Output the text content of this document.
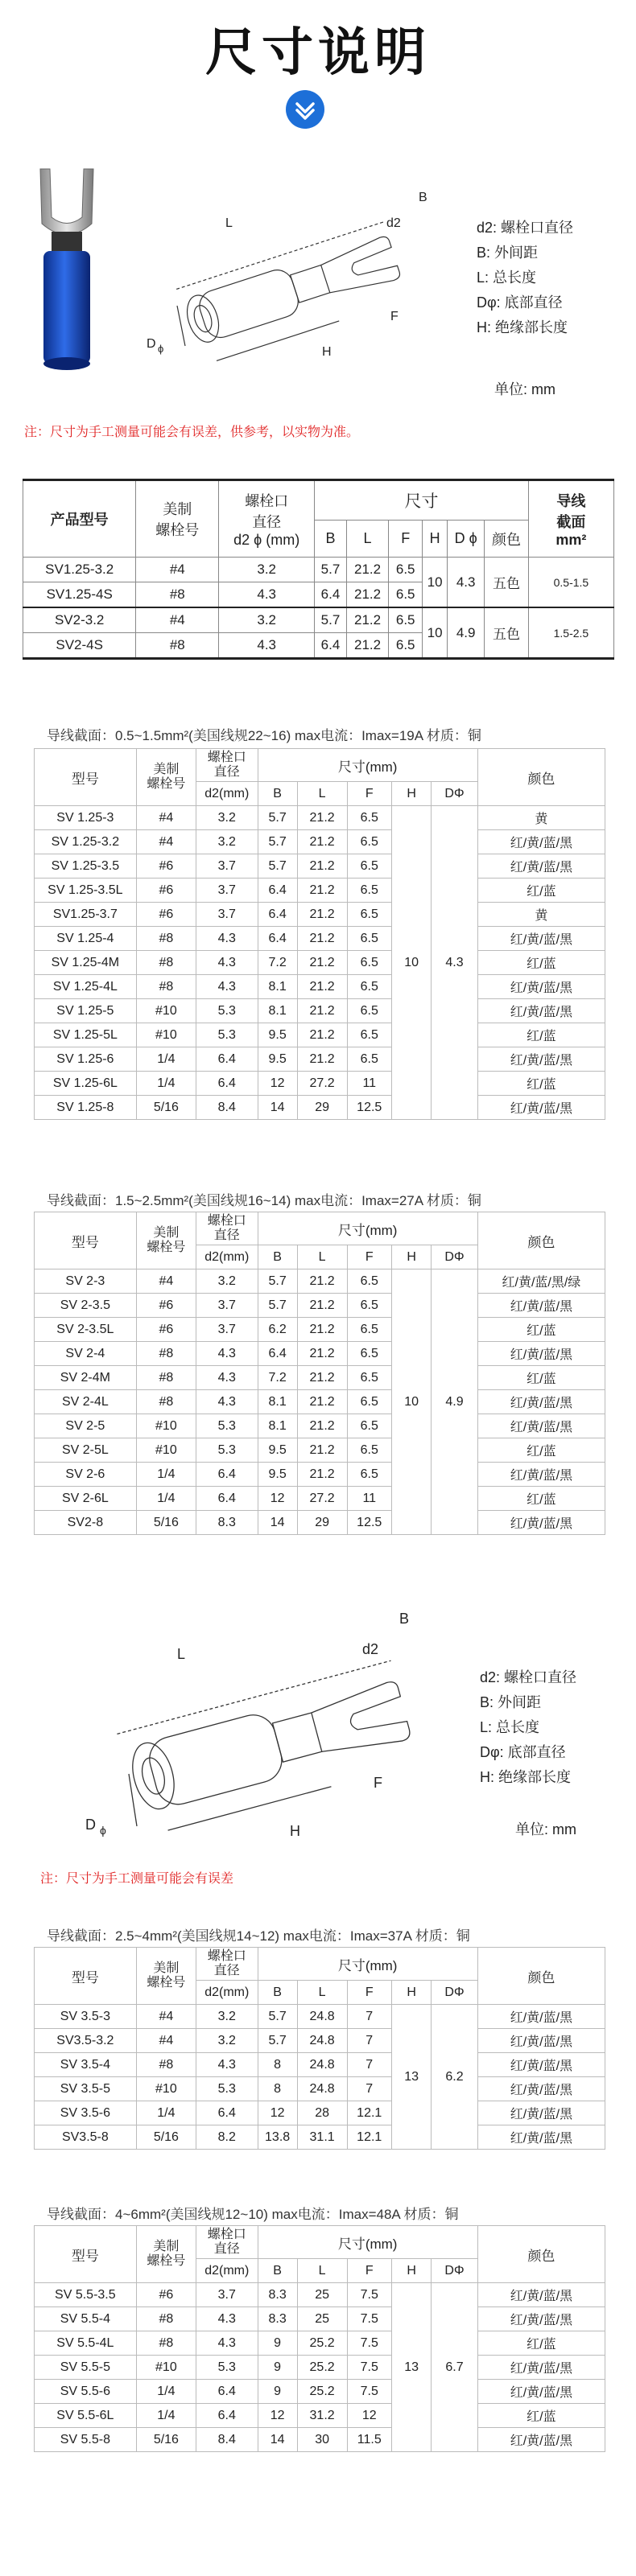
尺寸说明
D ϕ
L
B
d2
F
H
d2: 螺栓口直径
B: 外间距
L: 总长度
Dφ: 底部直径
H: 绝缘部长度
单位: mm
注：尺寸为手工测量可能会有误差，供参考，以实物为准。
产品型号	美制
螺栓号	螺栓口
直径
d2 ϕ (mm)	尺寸						导线
截面
mm²
			B	L	F	H	D ϕ	颜色	
SV1.25-3.2	#4	3.2	5.7	21.2	6.5	10	4.3	五色	0.5-1.5
SV1.25-4S	#8	4.3	6.4	21.2	6.5				
SV2-3.2	#4	3.2	5.7	21.2	6.5	10	4.9	五色	1.5-2.5
SV2-4S	#8	4.3	6.4	21.2	6.5				
导线截面：0.5~1.5mm²(美国线规22~16) max电流：Imax=19A 材质：铜
型号	美制
螺栓号	螺栓口
直径	尺寸(mm)					颜色
		d2(mm)	B	L	F	H	DΦ	
SV 1.25-3	#4	3.2	5.7	21.2	6.5	10	4.3	黄
SV 1.25-3.2	#4	3.2	5.7	21.2	6.5			红/黄/蓝/黑
SV 1.25-3.5	#6	3.7	5.7	21.2	6.5			红/黄/蓝/黑
SV 1.25-3.5L	#6	3.7	6.4	21.2	6.5			红/蓝
SV1.25-3.7	#6	3.7	6.4	21.2	6.5			黄
SV 1.25-4	#8	4.3	6.4	21.2	6.5			红/黄/蓝/黑
SV 1.25-4M	#8	4.3	7.2	21.2	6.5			红/蓝
SV 1.25-4L	#8	4.3	8.1	21.2	6.5			红/黄/蓝/黑
SV 1.25-5	#10	5.3	8.1	21.2	6.5			红/黄/蓝/黑
SV 1.25-5L	#10	5.3	9.5	21.2	6.5			红/蓝
SV 1.25-6	1/4	6.4	9.5	21.2	6.5			红/黄/蓝/黑
SV 1.25-6L	1/4	6.4	12	27.2	11			红/蓝
SV 1.25-8	5/16	8.4	14	29	12.5			红/黄/蓝/黑
导线截面：1.5~2.5mm²(美国线规16~14) max电流：Imax=27A 材质：铜
型号	美制
螺栓号	螺栓口
直径	尺寸(mm)					颜色
		d2(mm)	B	L	F	H	DΦ	
SV 2-3	#4	3.2	5.7	21.2	6.5	10	4.9	红/黄/蓝/黑/绿
SV 2-3.5	#6	3.7	5.7	21.2	6.5			红/黄/蓝/黑
SV 2-3.5L	#6	3.7	6.2	21.2	6.5			红/蓝
SV 2-4	#8	4.3	6.4	21.2	6.5			红/黄/蓝/黑
SV 2-4M	#8	4.3	7.2	21.2	6.5			红/蓝
SV 2-4L	#8	4.3	8.1	21.2	6.5			红/黄/蓝/黑
SV 2-5	#10	5.3	8.1	21.2	6.5			红/黄/蓝/黑
SV 2-5L	#10	5.3	9.5	21.2	6.5			红/蓝
SV 2-6	1/4	6.4	9.5	21.2	6.5			红/黄/蓝/黑
SV 2-6L	1/4	6.4	12	27.2	11			红/蓝
SV2-8	5/16	8.3	14	29	12.5			红/黄/蓝/黑
D ϕ
L
B
d2
F
H
d2: 螺栓口直径
B: 外间距
L: 总长度
Dφ: 底部直径
H: 绝缘部长度
单位: mm
注：尺寸为手工测量可能会有误差
导线截面：2.5~4mm²(美国线规14~12) max电流：Imax=37A 材质：铜
型号	美制
螺栓号	螺栓口
直径	尺寸(mm)					颜色
		d2(mm)	B	L	F	H	DΦ	
SV 3.5-3	#4	3.2	5.7	24.8	7	13	6.2	红/黄/蓝/黑
SV3.5-3.2	#4	3.2	5.7	24.8	7			红/黄/蓝/黑
SV 3.5-4	#8	4.3	8	24.8	7			红/黄/蓝/黑
SV 3.5-5	#10	5.3	8	24.8	7			红/黄/蓝/黑
SV 3.5-6	1/4	6.4	12	28	12.1			红/黄/蓝/黑
SV3.5-8	5/16	8.2	13.8	31.1	12.1			红/黄/蓝/黑
导线截面：4~6mm²(美国线规12~10) max电流：Imax=48A 材质：铜
型号	美制
螺栓号	螺栓口
直径	尺寸(mm)					颜色
		d2(mm)	B	L	F	H	DΦ	
SV 5.5-3.5	#6	3.7	8.3	25	7.5	13	6.7	红/黄/蓝/黑
SV 5.5-4	#8	4.3	8.3	25	7.5			红/黄/蓝/黑
SV 5.5-4L	#8	4.3	9	25.2	7.5			红/蓝
SV 5.5-5	#10	5.3	9	25.2	7.5			红/黄/蓝/黑
SV 5.5-6	1/4	6.4	9	25.2	7.5			红/黄/蓝/黑
SV 5.5-6L	1/4	6.4	12	31.2	12			红/蓝
SV 5.5-8	5/16	8.4	14	30	11.5			红/黄/蓝/黑
